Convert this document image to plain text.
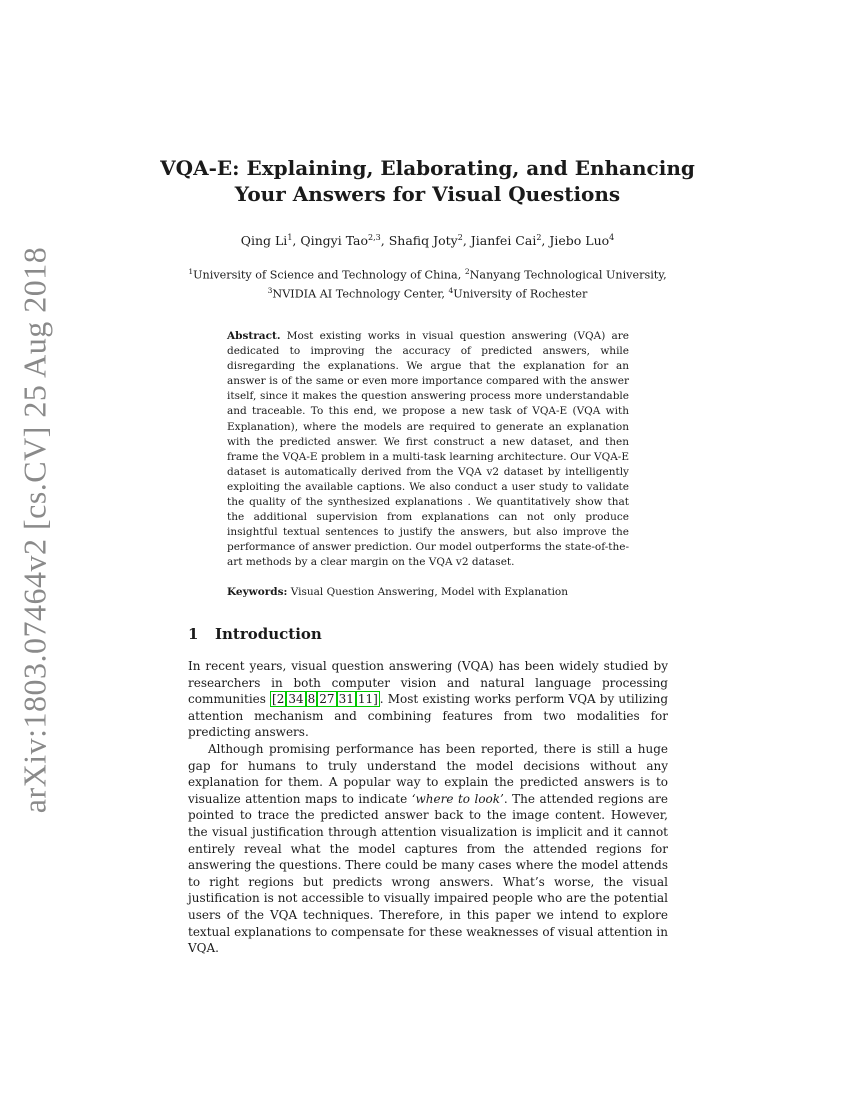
arXiv:1803.07464v2 [cs.CV] 25 Aug 2018
VQA-E: Explaining, Elaborating, and Enhancing
Your Answers for Visual Questions
Qing Li$^1$, Qingyi Tao$^{2,3}$, Shafiq Joty$^2$, Jianfei Cai$^2$, Jiebo Luo$^4$
$^1$University of Science and Technology of China, $^2$Nanyang Technological University,
$^3$NVIDIA AI Technology Center, $^4$University of Rochester

Abstract. Most existing works in visual question answering (VQA) are dedicated to improving the accuracy of predicted answers, while disregarding the explanations. We argue that the explanation for an answer is of the same or even more importance compared with the answer itself, since it makes the question answering process more understandable and traceable. To this end, we propose a new task of VQA-E (VQA with Explanation), where the models are required to generate an explanation with the predicted answer. We first construct a new dataset, and then frame the VQA-E problem in a multi-task learning architecture. Our VQA-E dataset is automatically derived from the VQA v2 dataset by intelligently exploiting the available captions. We also conduct a user study to validate the quality of the synthesized explanations . We quantitatively show that the additional supervision from explanations can not only produce insightful textual sentences to justify the answers, but also improve the performance of answer prediction. Our model outperforms the state-of-the-art methods by a clear margin on the VQA v2 dataset.

Keywords: Visual Question Answering, Model with Explanation

1 Introduction

In recent years, visual question answering (VQA) has been widely studied by researchers in both computer vision and natural language processing communities [2 34 8 27 31 11] . Most existing works perform VQA by utilizing attention mechanism and combining features from two modalities for predicting answers.

Although promising performance has been reported, there is still a huge gap for humans to truly understand the model decisions without any explanation for them. A popular way to explain the predicted answers is to visualize attention maps to indicate ‘where to look’. The attended regions are pointed to trace the predicted answer back to the image content. However, the visual justification through attention visualization is implicit and it cannot entirely reveal what the model captures from the attended regions for answering the questions. There could be many cases where the model attends to right regions but predicts wrong answers. What’s worse, the visual justification is not accessible to visually impaired people who are the potential users of the VQA techniques. Therefore, in this paper we intend to explore textual explanations to compensate for these weaknesses of visual attention in VQA.
